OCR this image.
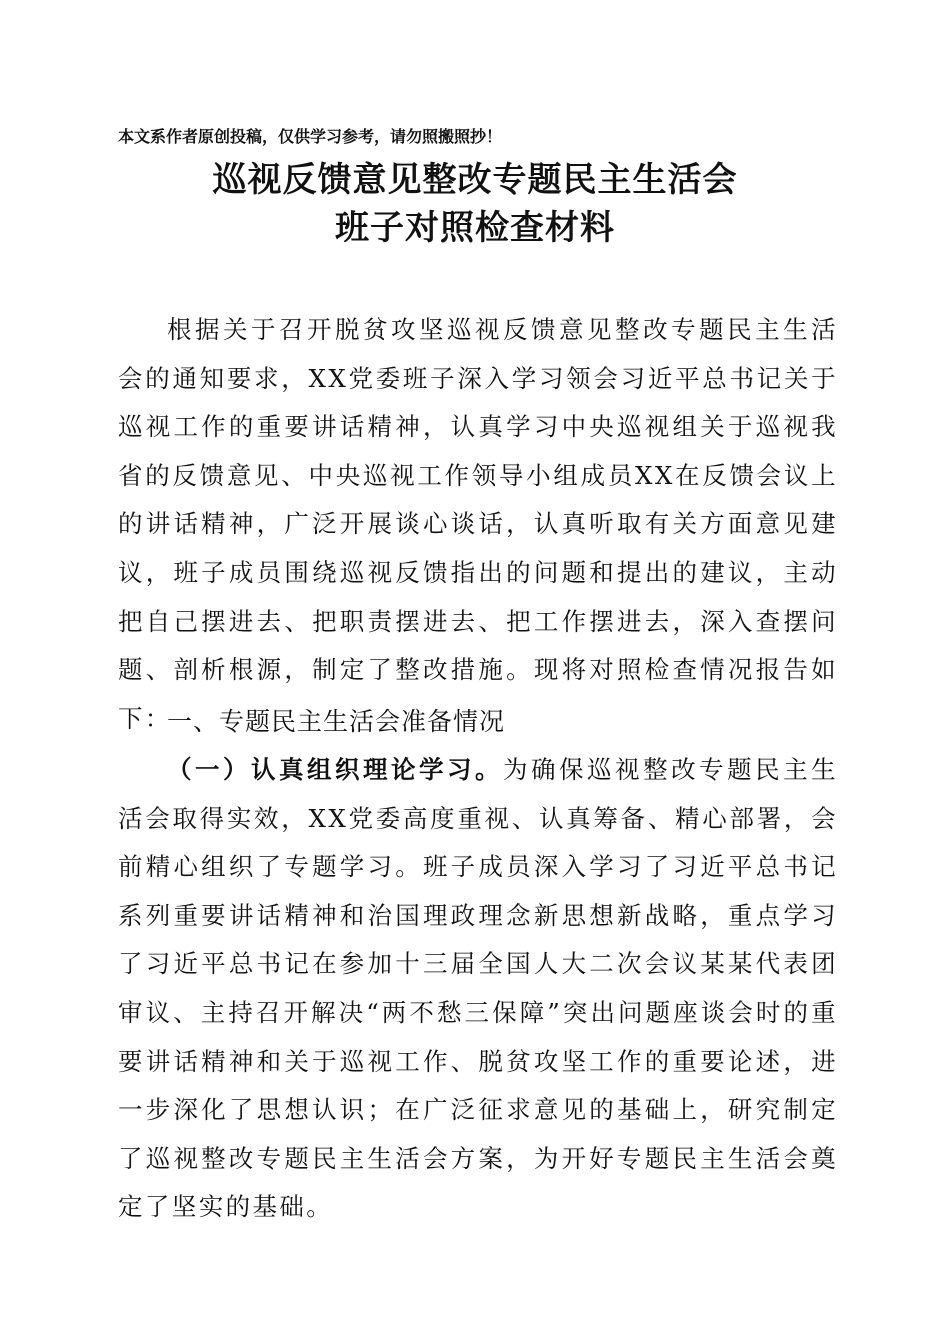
本文系作者原创投稿，仅供学习参考，请勿照搬照抄！
巡视反馈意见整改专题民主生活会
班子对照检查材料

根据关于召开脱贫攻坚巡视反馈意见整改专题民主生活会的通知要求，XX党委班子深入学习领会习近平总书记关于巡视工作的重要讲话精神，认真学习中央巡视组关于巡视我省的反馈意见、中央巡视工作领导小组成员XX在反馈会议上的讲话精神，广泛开展谈心谈话，认真听取有关方面意见建议，班子成员围绕巡视反馈指出的问题和提出的建议，主动把自己摆进去、把职责摆进去、把工作摆进去，深入查摆问题、剖析根源，制定了整改措施。现将对照检查情况报告如下：

一、专题民主生活会准备情况

（一）认真组织理论学习。为确保巡视整改专题民主生活会取得实效，XX党委高度重视、认真筹备、精心部署，会前精心组织了专题学习。班子成员深入学习了习近平总书记系列重要讲话精神和治国理政理念新思想新战略，重点学习了习近平总书记在参加十三届全国人大二次会议某某代表团审议、主持召开解决“两不愁三保障”突出问题座谈会时的重要讲话精神和关于巡视工作、脱贫攻坚工作的重要论述，进一步深化了思想认识；在广泛征求意见的基础上，研究制定了巡视整改专题民主生活会方案，为开好专题民主生活会奠定了坚实的基础。
